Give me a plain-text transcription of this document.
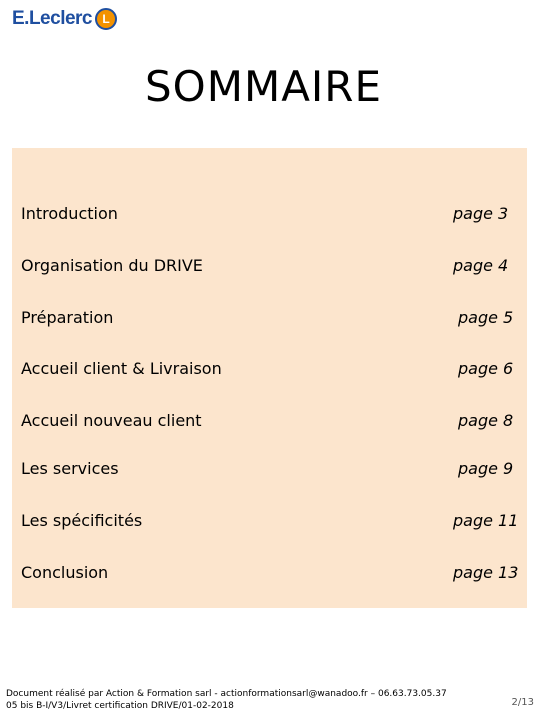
E.Leclerc L
SOMMAIRE
Introduction	page 3
Organisation du DRIVE	page 4
Préparation	page 5
Accueil client & Livraison	page 6
Accueil nouveau client	page 8
Les services	page 9
Les spécificités	page 11
Conclusion	page 13
Document réalisé par Action & Formation sarl - actionformationsarl@wanadoo.fr – 06.63.73.05.37
05 bis B-I/V3/Livret certification DRIVE/01-02-2018	2/13
